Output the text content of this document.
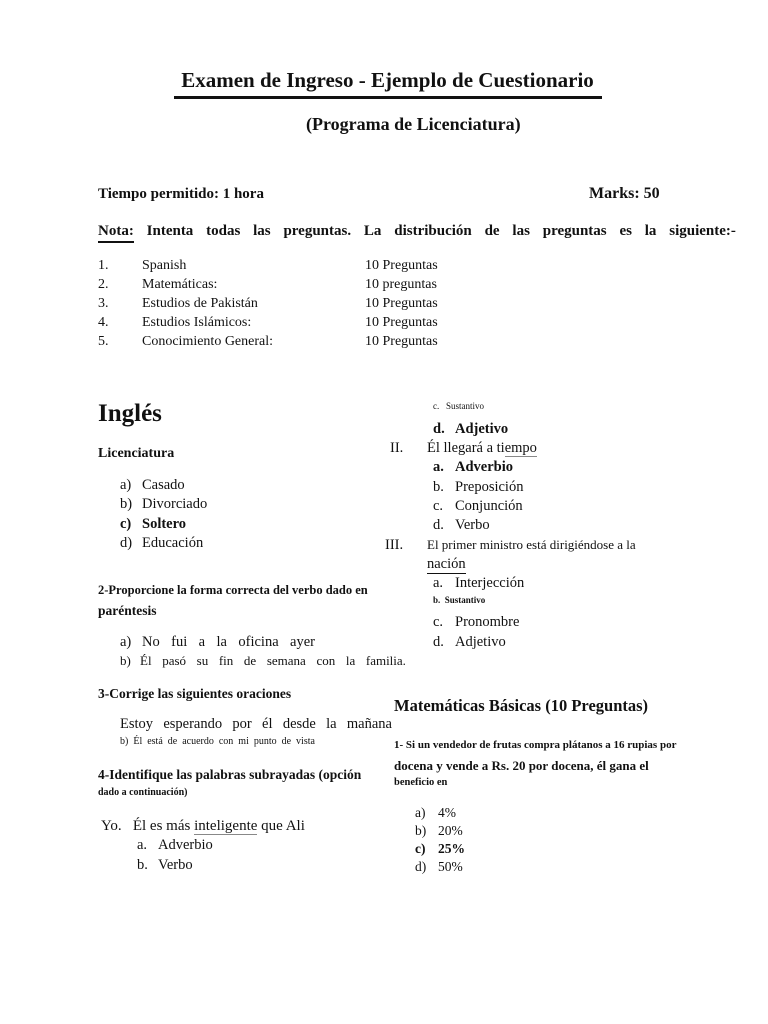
Examen de Ingreso - Ejemplo de Cuestionario
(Programa de Licenciatura)
Tiempo permitido: 1 hora	Marks: 50
Nota: Intenta todas las preguntas. La distribución de las preguntas es la siguiente:-
1. Spanish	10 Preguntas
2. Matemáticas:	10 preguntas
3. Estudios de Pakistán	10 Preguntas
4. Estudios Islámicos:	10 Preguntas
5. Conocimiento General:	10 Preguntas
Inglés
Licenciatura
a) Casado
b) Divorciado
c) Soltero
d) Educación
2-Proporcione la forma correcta del verbo dado en
paréntesis
a) No fui a la oficina ayer
b) Él pasó su fin de semana con la familia.
3-Corrige las siguientes oraciones
Estoy esperando por él desde la mañana
b)  Él  está  de  acuerdo  con  mi  punto  de  vista
4-Identifique las palabras subrayadas (opción
dado a continuación)
Yo.   Él es más inteligente que Ali
a. Adverbio
b. Verbo
c.   Sustantivo
d. Adjetivo
II. Él llegará a tiempo
a. Adverbio
b. Preposición
c. Conjunción
d. Verbo
III. El primer ministro está dirigiéndose a la
nación
a. Interjección
b.  Sustantivo
c. Pronombre
d. Adjetivo
Matemáticas Básicas (10 Preguntas)
1- Si un vendedor de frutas compra plátanos a 16 rupias por
docena y vende a Rs. 20 por docena, él gana el
beneficio en
a) 4%
b) 20%
c) 25%
d) 50%
